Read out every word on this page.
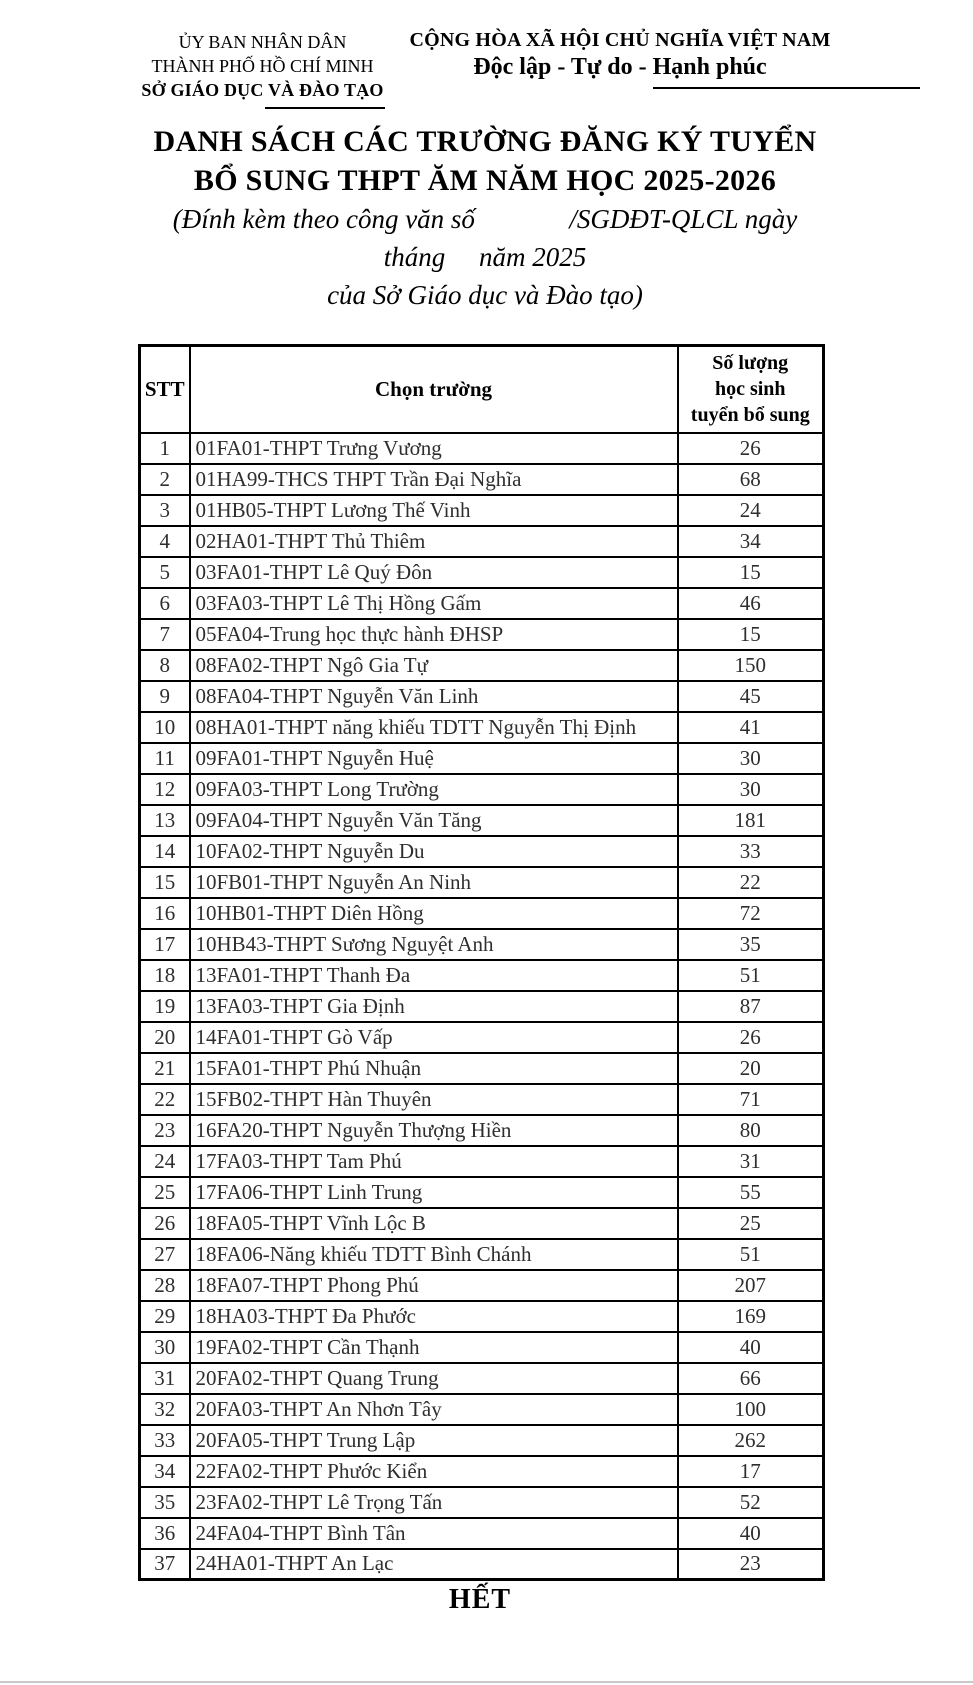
ỦY BAN NHÂN DÂN
THÀNH PHỐ HỒ CHÍ MINH
SỞ GIÁO DỤC VÀ ĐÀO TẠO
CỘNG HÒA XÃ HỘI CHỦ NGHĨA VIỆT NAM
Độc lập - Tự do - Hạnh phúc
DANH SÁCH CÁC TRƯỜNG ĐĂNG KÝ TUYỂN
BỔ SUNG THPT ĂM NĂM HỌC 2025-2026
(Đính kèm theo công văn số              /SGDĐT-QLCL ngày
tháng     năm 2025
của Sở Giáo dục và Đào tạo)
STT	Chọn trường	Số lượng
học sinh
tuyển bổ sung

1	01FA01-THPT Trưng Vương	26
2	01HA99-THCS THPT Trần Đại Nghĩa	68
3	01HB05-THPT Lương Thế Vinh	24
4	02HA01-THPT Thủ Thiêm	34
5	03FA01-THPT Lê Quý Đôn	15
6	03FA03-THPT Lê Thị Hồng Gấm	46
7	05FA04-Trung học thực hành ĐHSP	15
8	08FA02-THPT Ngô Gia Tự	150
9	08FA04-THPT Nguyễn Văn Linh	45
10	08HA01-THPT năng khiếu TDTT Nguyễn Thị Định	41
11	09FA01-THPT Nguyễn Huệ	30
12	09FA03-THPT Long Trường	30
13	09FA04-THPT Nguyễn Văn Tăng	181
14	10FA02-THPT Nguyễn Du	33
15	10FB01-THPT Nguyễn An Ninh	22
16	10HB01-THPT Diên Hồng	72
17	10HB43-THPT Sương Nguyệt Anh	35
18	13FA01-THPT Thanh Đa	51
19	13FA03-THPT Gia Định	87
20	14FA01-THPT Gò Vấp	26
21	15FA01-THPT Phú Nhuận	20
22	15FB02-THPT Hàn Thuyên	71
23	16FA20-THPT Nguyễn Thượng Hiền	80
24	17FA03-THPT Tam Phú	31
25	17FA06-THPT Linh Trung	55
26	18FA05-THPT Vĩnh Lộc B	25
27	18FA06-Năng khiếu TDTT Bình Chánh	51
28	18FA07-THPT Phong Phú	207
29	18HA03-THPT Đa Phước	169
30	19FA02-THPT Cần Thạnh	40
31	20FA02-THPT Quang Trung	66
32	20FA03-THPT An Nhơn Tây	100
33	20FA05-THPT Trung Lập	262
34	22FA02-THPT Phước Kiển	17
35	23FA02-THPT Lê Trọng Tấn	52
36	24FA04-THPT Bình Tân	40
37	24HA01-THPT An Lạc	23
HẾT
